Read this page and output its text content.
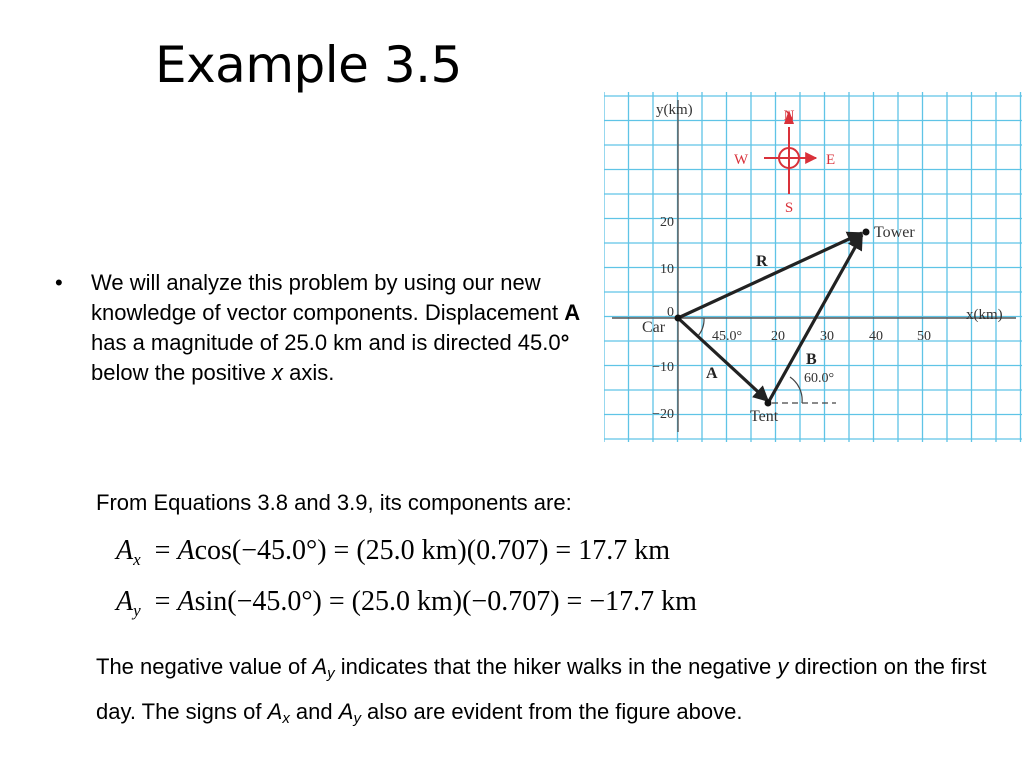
Example 3.5
• We will analyze this problem by using our new knowledge of vector components. Displacement A has a magnitude of 25.0 km and is directed 45.0° below the positive x axis.
N
S
E
W
y(km)
x(km)
20
10
0
−10
−20
20	30	40 50
Tower
Car
Tent
R
A
B
45.0°
60.0°
From Equations 3.8 and 3.9, its components are:
$A_x = Acos(-45.0^\circ) = (25.0$ km)(0.707) = 17.7 km
$A_y = Asin(-45.0^\circ) = (25.0$ km)(−0.707) = −17.7 km
The negative value of $A_y$ indicates that the hiker walks in the negative y direction on the first day. The signs of $A_x$ and $A_y$ also are evident from the figure above.
